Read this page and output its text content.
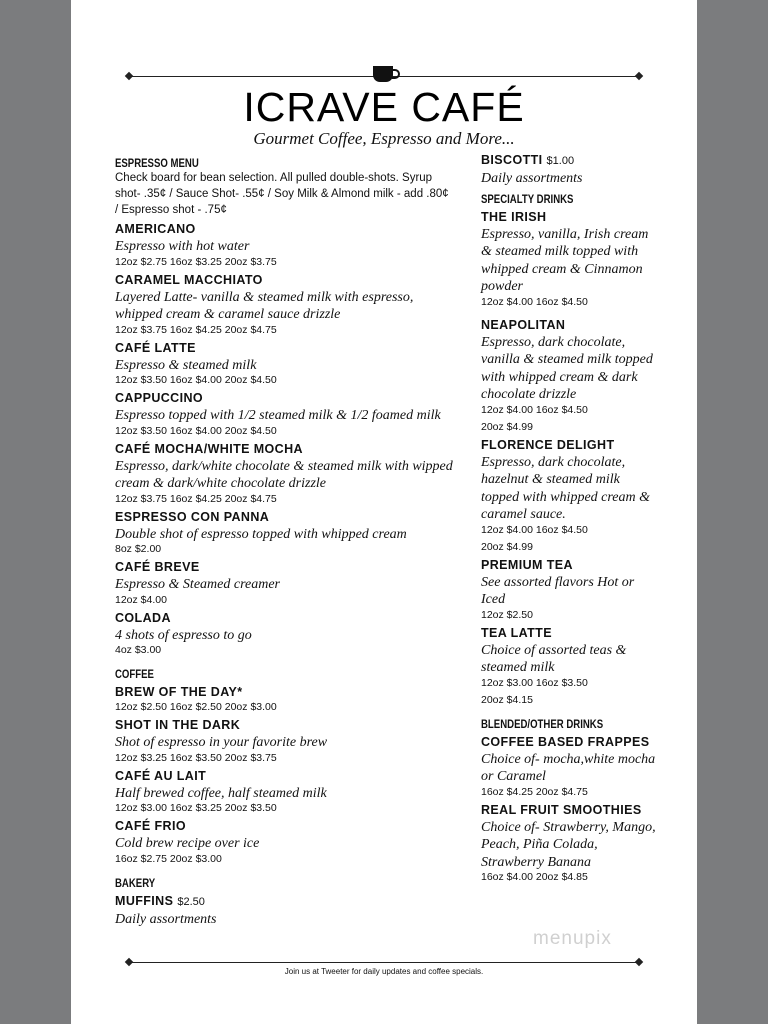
ICRAVE CAFÉ
Gourmet Coffee, Espresso and More...
ESPRESSO MENU
Check board for bean selection. All pulled double-shots. Syrup shot- .35¢ / Sauce Shot- .55¢ / Soy Milk & Almond milk - add .80¢ / Espresso shot - .75¢
AMERICANO
Espresso with hot water
12oz $2.75 16oz $3.25 20oz $3.75
CARAMEL MACCHIATO
Layered Latte- vanilla & steamed milk with espresso, whipped cream & caramel sauce drizzle
12oz $3.75 16oz $4.25 20oz $4.75
CAFÉ LATTE
Espresso & steamed milk
12oz $3.50 16oz $4.00 20oz $4.50
CAPPUCCINO
Espresso topped with 1/2 steamed milk & 1/2 foamed milk
12oz $3.50 16oz $4.00 20oz $4.50
CAFÉ MOCHA/WHITE MOCHA
Espresso, dark/white chocolate & steamed milk with wipped cream & dark/white chocolate drizzle
12oz $3.75 16oz $4.25 20oz $4.75
ESPRESSO CON PANNA
Double shot of espresso topped with whipped cream
8oz $2.00
CAFÉ BREVE
Espresso & Steamed creamer
12oz $4.00
COLADA
4 shots of espresso to go
4oz $3.00
COFFEE
BREW OF THE DAY*
12oz $2.50 16oz $2.50 20oz $3.00
SHOT IN THE DARK
Shot of espresso in your favorite brew
12oz $3.25 16oz $3.50 20oz $3.75
CAFÉ AU LAIT
Half brewed coffee, half steamed milk
12oz $3.00 16oz $3.25 20oz $3.50
CAFÉ FRIO
Cold brew recipe over ice
16oz $2.75 20oz $3.00
BAKERY
MUFFINS $2.50
Daily assortments
BISCOTTI $1.00
Daily assortments
SPECIALTY DRINKS
THE IRISH
Espresso, vanilla, Irish cream & steamed milk topped with whipped cream & Cinnamon powder
12oz $4.00 16oz $4.50
NEAPOLITAN
Espresso, dark chocolate, vanilla & steamed milk topped with whipped cream & dark chocolate drizzle
12oz $4.00 16oz $4.50
20oz $4.99
FLORENCE DELIGHT
Espresso, dark chocolate, hazelnut & steamed milk topped with whipped cream & caramel sauce.
12oz $4.00 16oz $4.50
20oz $4.99
PREMIUM TEA
See assorted flavors Hot or Iced
12oz $2.50
TEA LATTE
Choice of assorted teas & steamed milk
12oz $3.00 16oz $3.50
20oz $4.15
BLENDED/OTHER DRINKS
COFFEE BASED FRAPPES
Choice of- mocha,white mocha or Caramel
16oz $4.25 20oz $4.75
REAL FRUIT SMOOTHIES
Choice of- Strawberry, Mango, Peach, Piña Colada, Strawberry Banana
16oz $4.00 20oz $4.85
menupix
Join us at Tweeter for daily updates and coffee specials.
